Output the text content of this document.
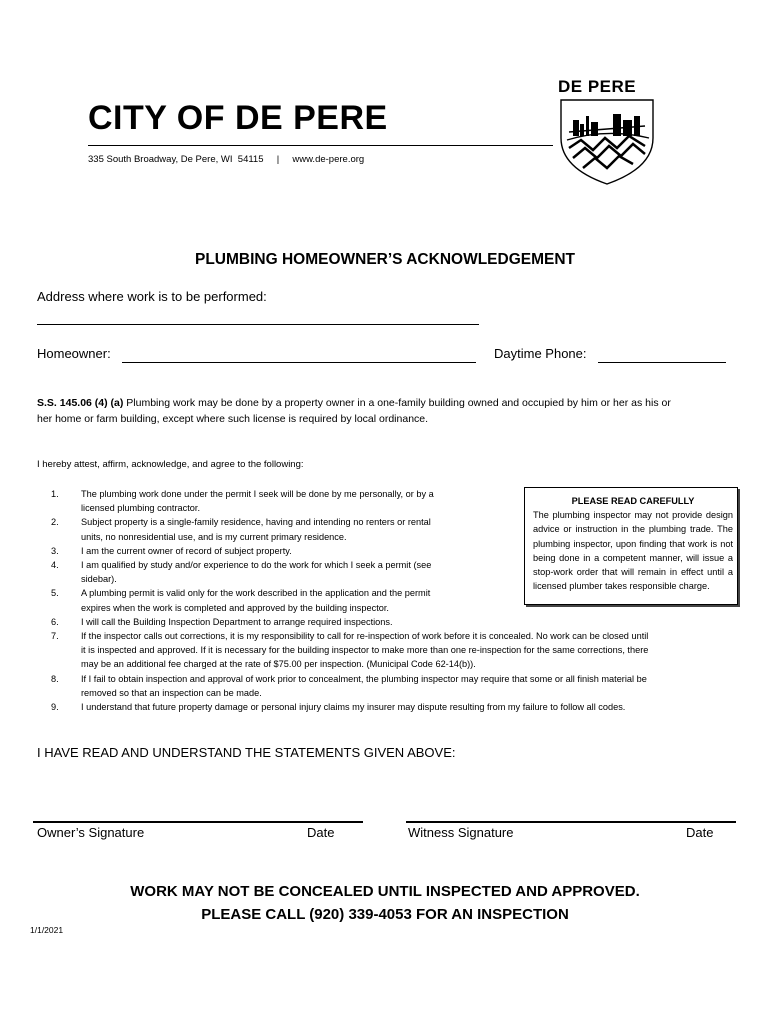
CITY OF DE PERE
335 South Broadway, De Pere, WI  54115 | www.de-pere.org
DE PERE
PLUMBING HOMEOWNER’S ACKNOWLEDGEMENT
Address where work is to be performed:
Homeowner:	Daytime Phone:
S.S. 145.06 (4) (a) Plumbing work may be done by a property owner in a one-family building owned and occupied by him or her as his or
her home or farm building, except where such license is required by local ordinance.
I hereby attest, affirm, acknowledge, and agree to the following:
1.	The plumbing work done under the permit I seek will be done by me personally, or by a
licensed plumbing contractor.
2.	Subject property is a single-family residence, having and intending no renters or rental
units, no nonresidential use, and is my current primary residence.
3.	I am the current owner of record of subject property.
4.	I am qualified by study and/or experience to do the work for which I seek a permit (see
sidebar).
5.	A plumbing permit is valid only for the work described in the application and the permit
expires when the work is completed and approved by the building inspector.
6.	I will call the Building Inspection Department to arrange required inspections.
7.	If the inspector calls out corrections, it is my responsibility to call for re-inspection of work before it is concealed. No work can be closed until
it is inspected and approved. If it is necessary for the building inspector to make more than one re-inspection for the same corrections, there
may be an additional fee charged at the rate of $75.00 per inspection. (Municipal Code 62-14(b)).
8.	If I fail to obtain inspection and approval of work prior to concealment, the plumbing inspector may require that some or all finish material be
removed so that an inspection can be made.
9.	I understand that future property damage or personal injury claims my insurer may dispute resulting from my failure to follow all codes.
PLEASE READ CAREFULLY
The plumbing inspector may not provide design advice or instruction in the plumbing trade. The plumbing inspector, upon finding that work is not being done in a competent manner, will issue a stop-work order that will remain in effect until a licensed plumber takes responsible charge.
I HAVE READ AND UNDERSTAND THE STATEMENTS GIVEN ABOVE:
Owner’s Signature	Date	Witness Signature	Date
WORK MAY NOT BE CONCEALED UNTIL INSPECTED AND APPROVED.
PLEASE CALL (920) 339-4053 FOR AN INSPECTION
1/1/2021
